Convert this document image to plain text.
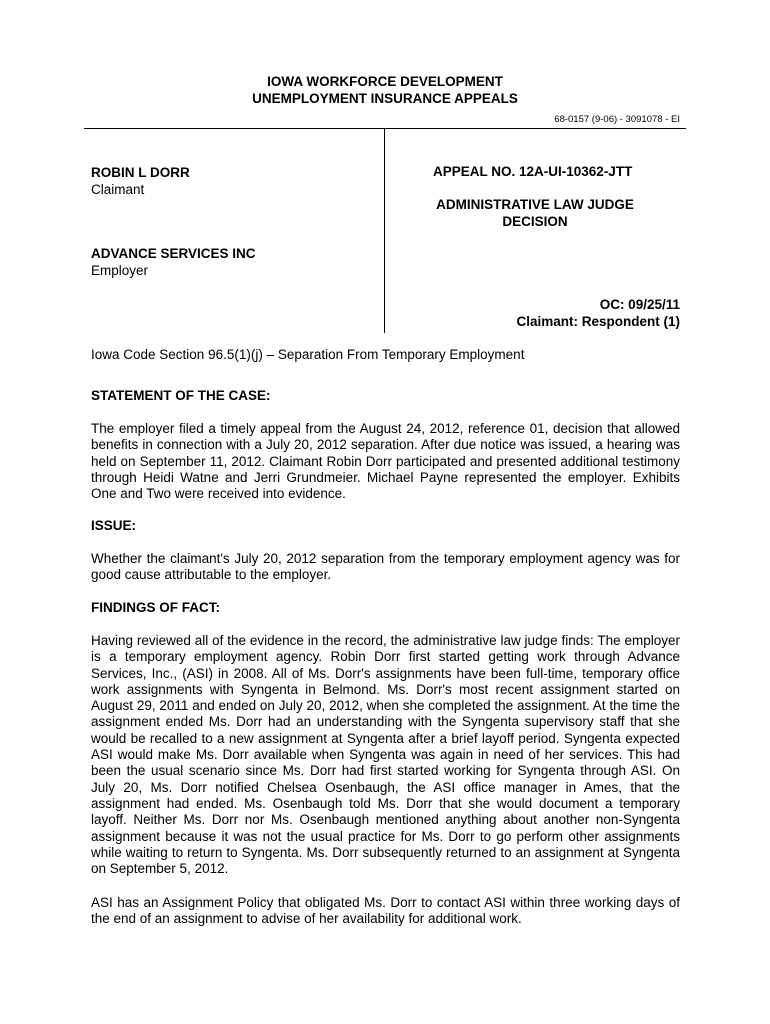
IOWA WORKFORCE DEVELOPMENT
UNEMPLOYMENT INSURANCE APPEALS
68-0157 (9-06) - 3091078 - EI
ROBIN L DORR
Claimant
ADVANCE SERVICES INC
Employer
APPEAL NO. 12A-UI-10362-JTT
ADMINISTRATIVE LAW JUDGE
DECISION
OC: 09/25/11
Claimant: Respondent (1)
Iowa Code Section 96.5(1)(j) – Separation From Temporary Employment
STATEMENT OF THE CASE:
The employer filed a timely appeal from the August 24, 2012, reference 01, decision that allowed benefits in connection with a July 20, 2012 separation. After due notice was issued, a hearing was held on September 11, 2012. Claimant Robin Dorr participated and presented additional testimony through Heidi Watne and Jerri Grundmeier. Michael Payne represented the employer. Exhibits One and Two were received into evidence.
ISSUE:
Whether the claimant's July 20, 2012 separation from the temporary employment agency was for good cause attributable to the employer.
FINDINGS OF FACT:
Having reviewed all of the evidence in the record, the administrative law judge finds: The employer is a temporary employment agency. Robin Dorr first started getting work through Advance Services, Inc., (ASI) in 2008. All of Ms. Dorr's assignments have been full-time, temporary office work assignments with Syngenta in Belmond. Ms. Dorr's most recent assignment started on August 29, 2011 and ended on July 20, 2012, when she completed the assignment. At the time the assignment ended Ms. Dorr had an understanding with the Syngenta supervisory staff that she would be recalled to a new assignment at Syngenta after a brief layoff period. Syngenta expected ASI would make Ms. Dorr available when Syngenta was again in need of her services. This had been the usual scenario since Ms. Dorr had first started working for Syngenta through ASI. On July 20, Ms. Dorr notified Chelsea Osenbaugh, the ASI office manager in Ames, that the assignment had ended. Ms. Osenbaugh told Ms. Dorr that she would document a temporary layoff. Neither Ms. Dorr nor Ms. Osenbaugh mentioned anything about another non-Syngenta assignment because it was not the usual practice for Ms. Dorr to go perform other assignments while waiting to return to Syngenta. Ms. Dorr subsequently returned to an assignment at Syngenta on September 5, 2012.
ASI has an Assignment Policy that obligated Ms. Dorr to contact ASI within three working days of the end of an assignment to advise of her availability for additional work.
